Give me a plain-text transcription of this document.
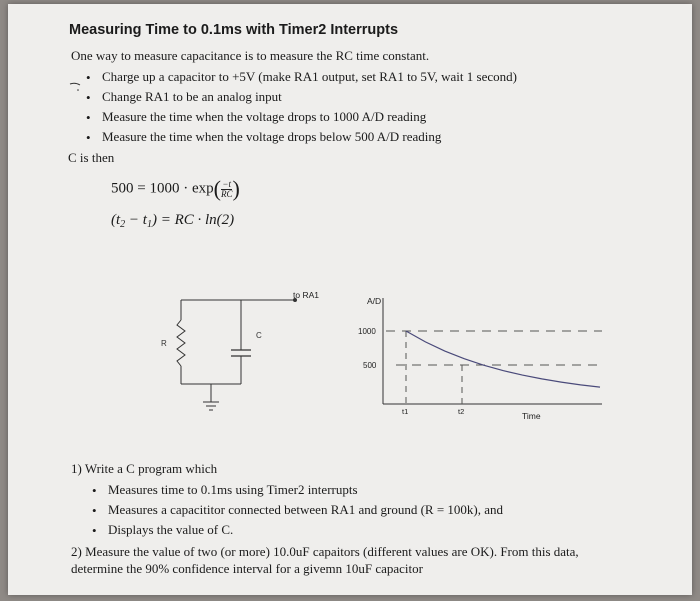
Measuring Time to 0.1ms with Timer2 Interrupts
One way to measure capacitance is to measure the RC time constant.
• Charge up a capacitor to +5V (make RA1 output, set RA1 to 5V, wait 1 second)
• Change RA1 to be an analog input
• Measure the time when the voltage drops to 1000 A/D reading
• Measure the time when the voltage drops below 500 A/D reading
C is then
$500 = 1000 \cdot \exp( \frac{-t}{RC}$ )
$(t_2 - t_1)$ = RC · ln(2)
to RA1
R
C
A/D
Time
1000
500
t1	t2
1) Write a C program which
• Measures time to 0.1ms using Timer2 interrupts
• Measures a capacititor connected between RA1 and ground (R = 100k), and
• Displays the value of C.
2) Measure the value of two (or more) 10.0uF capaitors (different values are OK). From this data,
determine the 90% confidence interval for a givemn 10uF capacitor
